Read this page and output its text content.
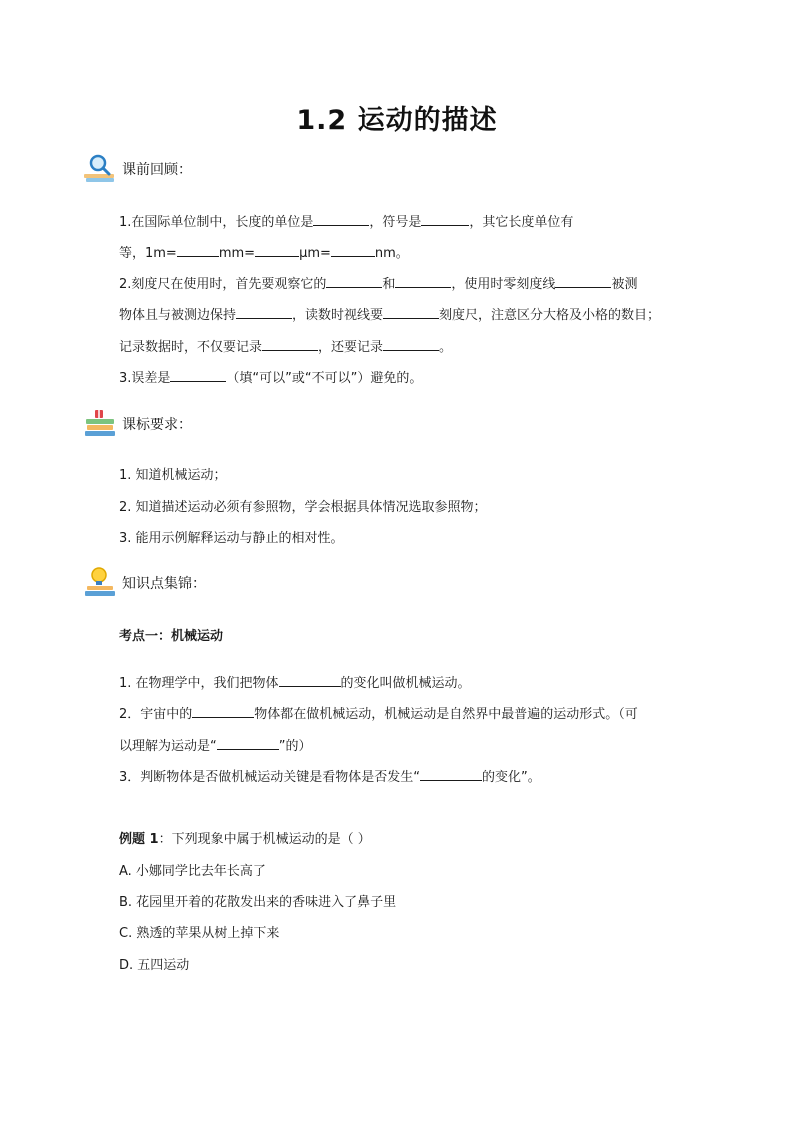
1.2 运动的描述
课前回顾：
1.在国际单位制中，长度的单位是	，符号是	，其它长度单位有
等，1m=	mm=	μm=	nm。
2.刻度尺在使用时，首先要观察它的	和	，使用时零刻度线	被测
物体且与被测边保持	，读数时视线要	刻度尺，注意区分大格及小格的数目；
记录数据时，不仅要记录	，还要记录	。
3.误差是	（填“可以”或“不可以”）避免的。
课标要求：
1. 知道机械运动；
2. 知道描述运动必须有参照物，学会根据具体情况选取参照物；
3. 能用示例解释运动与静止的相对性。
知识点集锦：
考点一：机械运动
1. 在物理学中，我们把物体	的变化叫做机械运动。
2．宇宙中的	物体都在做机械运动，机械运动是自然界中最普遍的运动形式。（可
以理解为运动是“	”的）
3．判断物体是否做机械运动关键是看物体是否发生“	的变化”。
例题 1：下列现象中属于机械运动的是（ ）
A. 小娜同学比去年长高了
B. 花园里开着的花散发出来的香味进入了鼻子里
C. 熟透的苹果从树上掉下来
D. 五四运动
